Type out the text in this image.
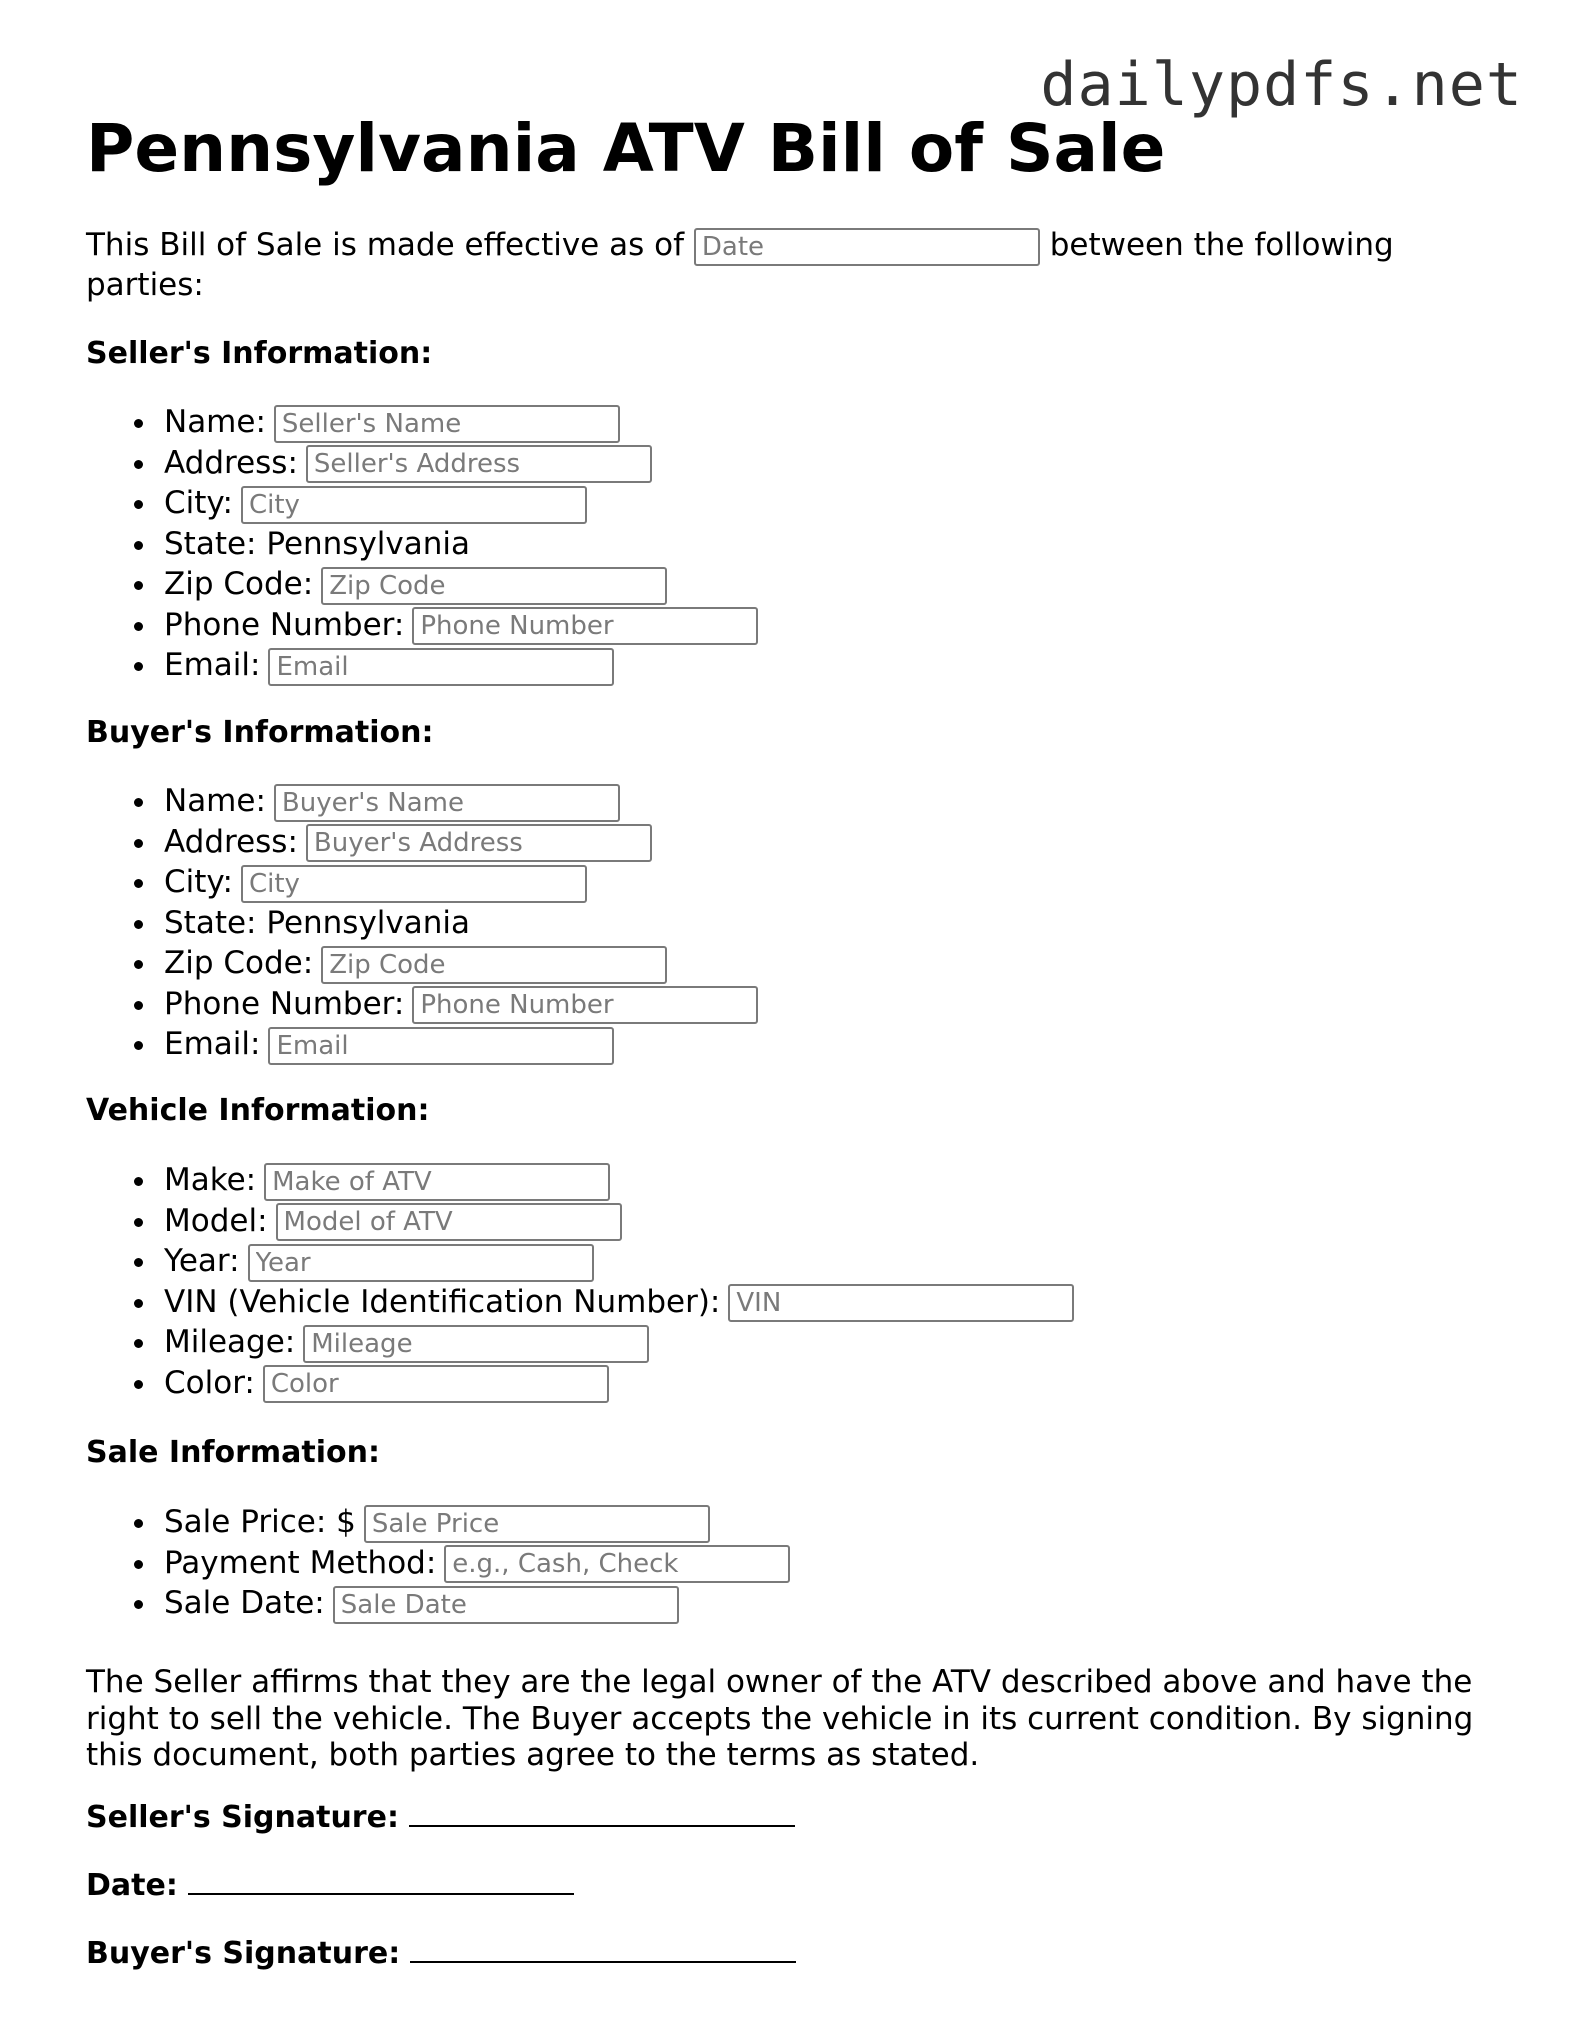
dailypdfs.net
Pennsylvania ATV Bill of Sale
This Bill of Sale is made effective as of Date	between the following parties:
Seller's Information:
Name:Seller's Name
Address:Seller's Address
City:City
State: Pennsylvania
Zip Code:Zip Code
Phone Number:Phone Number
Email:Email
Buyer's Information:
Name:Buyer's Name
Address:Buyer's Address
City:City
State: Pennsylvania
Zip Code:Zip Code
Phone Number:Phone Number
Email:Email
Vehicle Information:
Make:Make of ATV
Model:Model of ATV
Year:Year
VIN (Vehicle Identification Number):VIN
Mileage:Mileage
Color:Color
Sale Information:
Sale Price: $Sale Price
Payment Method:e.g., Cash, Check
Sale Date:Sale Date

The Seller affirms that they are the legal owner of the ATV described above and have the right to sell the vehicle. The Buyer accepts the vehicle in its current condition. By signing this document, both parties agree to the terms as stated.

Seller's Signature:
Date:
Buyer's Signature:
